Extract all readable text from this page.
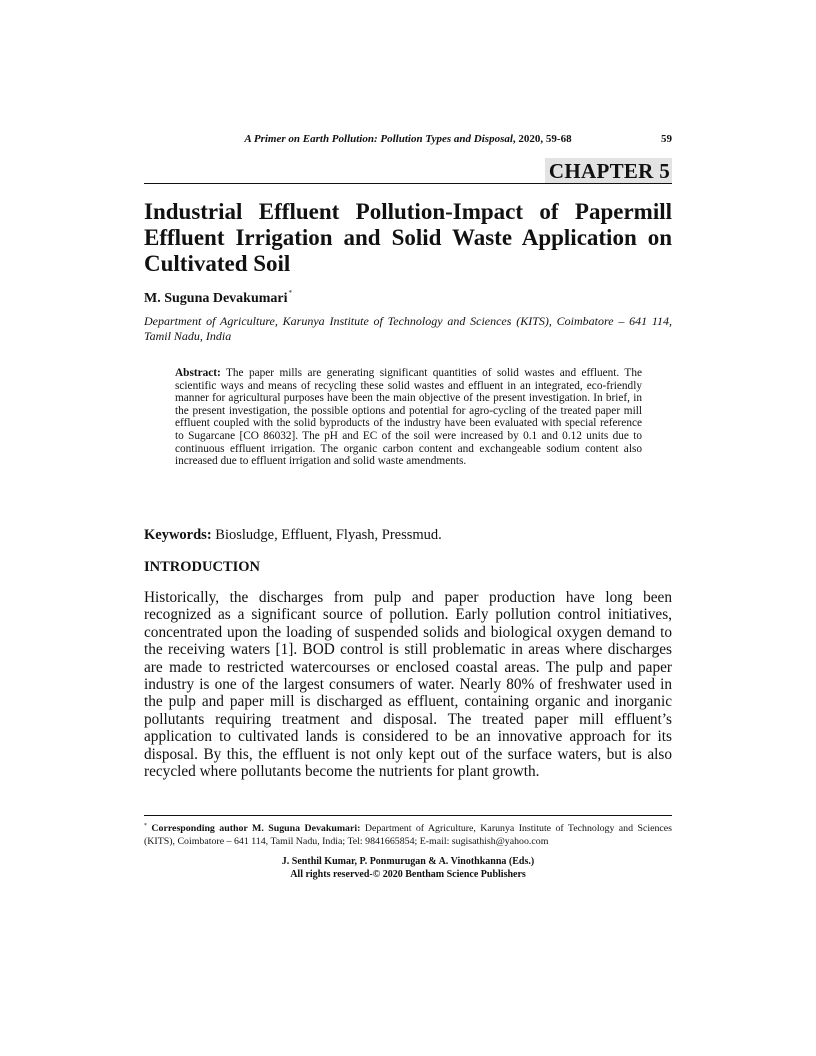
A Primer on Earth Pollution: Pollution Types and Disposal, 2020, 59-68	59
CHAPTER 5
Industrial Effluent Pollution-Impact of Papermill Effluent Irrigation and Solid Waste Application on Cultivated Soil
M. Suguna Devakumari*

Department of Agriculture, Karunya Institute of Technology and Sciences (KITS), Coimbatore – 641 114, Tamil Nadu, India

Abstract: The paper mills are generating significant quantities of solid wastes and effluent. The scientific ways and means of recycling these solid wastes and effluent in an integrated, eco-friendly manner for agricultural purposes have been the main objective of the present investigation. In brief, in the present investigation, the possible options and potential for agro-cycling of the treated paper mill effluent coupled with the solid byproducts of the industry have been evaluated with special reference to Sugarcane [CO 86032]. The pH and EC of the soil were increased by 0.1 and 0.12 units due to continuous effluent irrigation. The organic carbon content and exchangeable sodium content also increased due to effluent irrigation and solid waste amendments.

Keywords: Biosludge, Effluent, Flyash, Pressmud.
INTRODUCTION

Historically, the discharges from pulp and paper production have long been recognized as a significant source of pollution. Early pollution control initiatives, concentrated upon the loading of suspended solids and biological oxygen demand to the receiving waters [1]. BOD control is still problematic in areas where discharges are made to restricted watercourses or enclosed coastal areas. The pulp and paper industry is one of the largest consumers of water. Nearly 80% of freshwater used in the pulp and paper mill is discharged as effluent, containing organic and inorganic pollutants requiring treatment and disposal. The treated paper mill effluent’s application to cultivated lands is considered to be an innovative approach for its disposal. By this, the effluent is not only kept out of the surface waters, but is also recycled where pollutants become the nutrients for plant growth.

* Corresponding author M. Suguna Devakumari: Department of Agriculture, Karunya Institute of Technology and Sciences (KITS), Coimbatore – 641 114, Tamil Nadu, India; Tel: 9841665854; E-mail: sugisathish@yahoo.com

J. Senthil Kumar, P. Ponmurugan & A. Vinothkanna (Eds.)
All rights reserved-© 2020 Bentham Science Publishers
